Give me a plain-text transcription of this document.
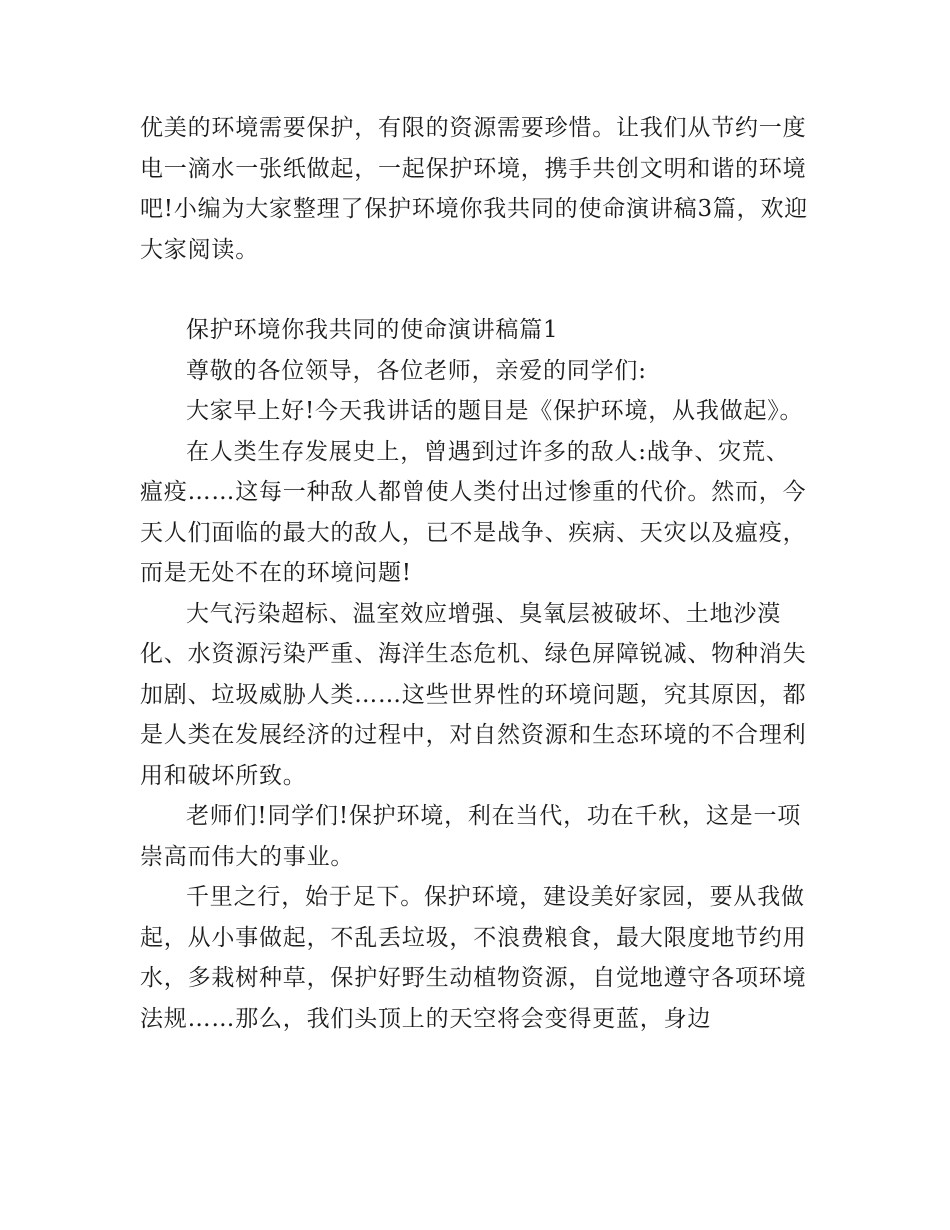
优美的环境需要保护，有限的资源需要珍惜。让我们从节约一度电一滴水一张纸做起，一起保护环境，携手共创文明和谐的环境吧!小编为大家整理了保护环境你我共同的使命演讲稿3篇，欢迎大家阅读。

保护环境你我共同的使命演讲稿篇1

尊敬的各位领导，各位老师，亲爱的同学们:

大家早上好!今天我讲话的题目是《保护环境，从我做起》。

在人类生存发展史上，曾遇到过许多的敌人:战争、灾荒、瘟疫……这每一种敌人都曾使人类付出过惨重的代价。然而，今天人们面临的最大的敌人，已不是战争、疾病、天灾以及瘟疫，而是无处不在的环境问题!

大气污染超标、温室效应增强、臭氧层被破坏、土地沙漠化、水资源污染严重、海洋生态危机、绿色屏障锐减、物种消失加剧、垃圾威胁人类……这些世界性的环境问题，究其原因，都是人类在发展经济的过程中，对自然资源和生态环境的不合理利用和破坏所致。

老师们!同学们!保护环境，利在当代，功在千秋，这是一项崇高而伟大的事业。

千里之行，始于足下。保护环境，建设美好家园，要从我做起，从小事做起，不乱丢垃圾，不浪费粮食，最大限度地节约用水，多栽树种草，保护好野生动植物资源，自觉地遵守各项环境法规……那么，我们头顶上的天空将会变得更蓝，身边
